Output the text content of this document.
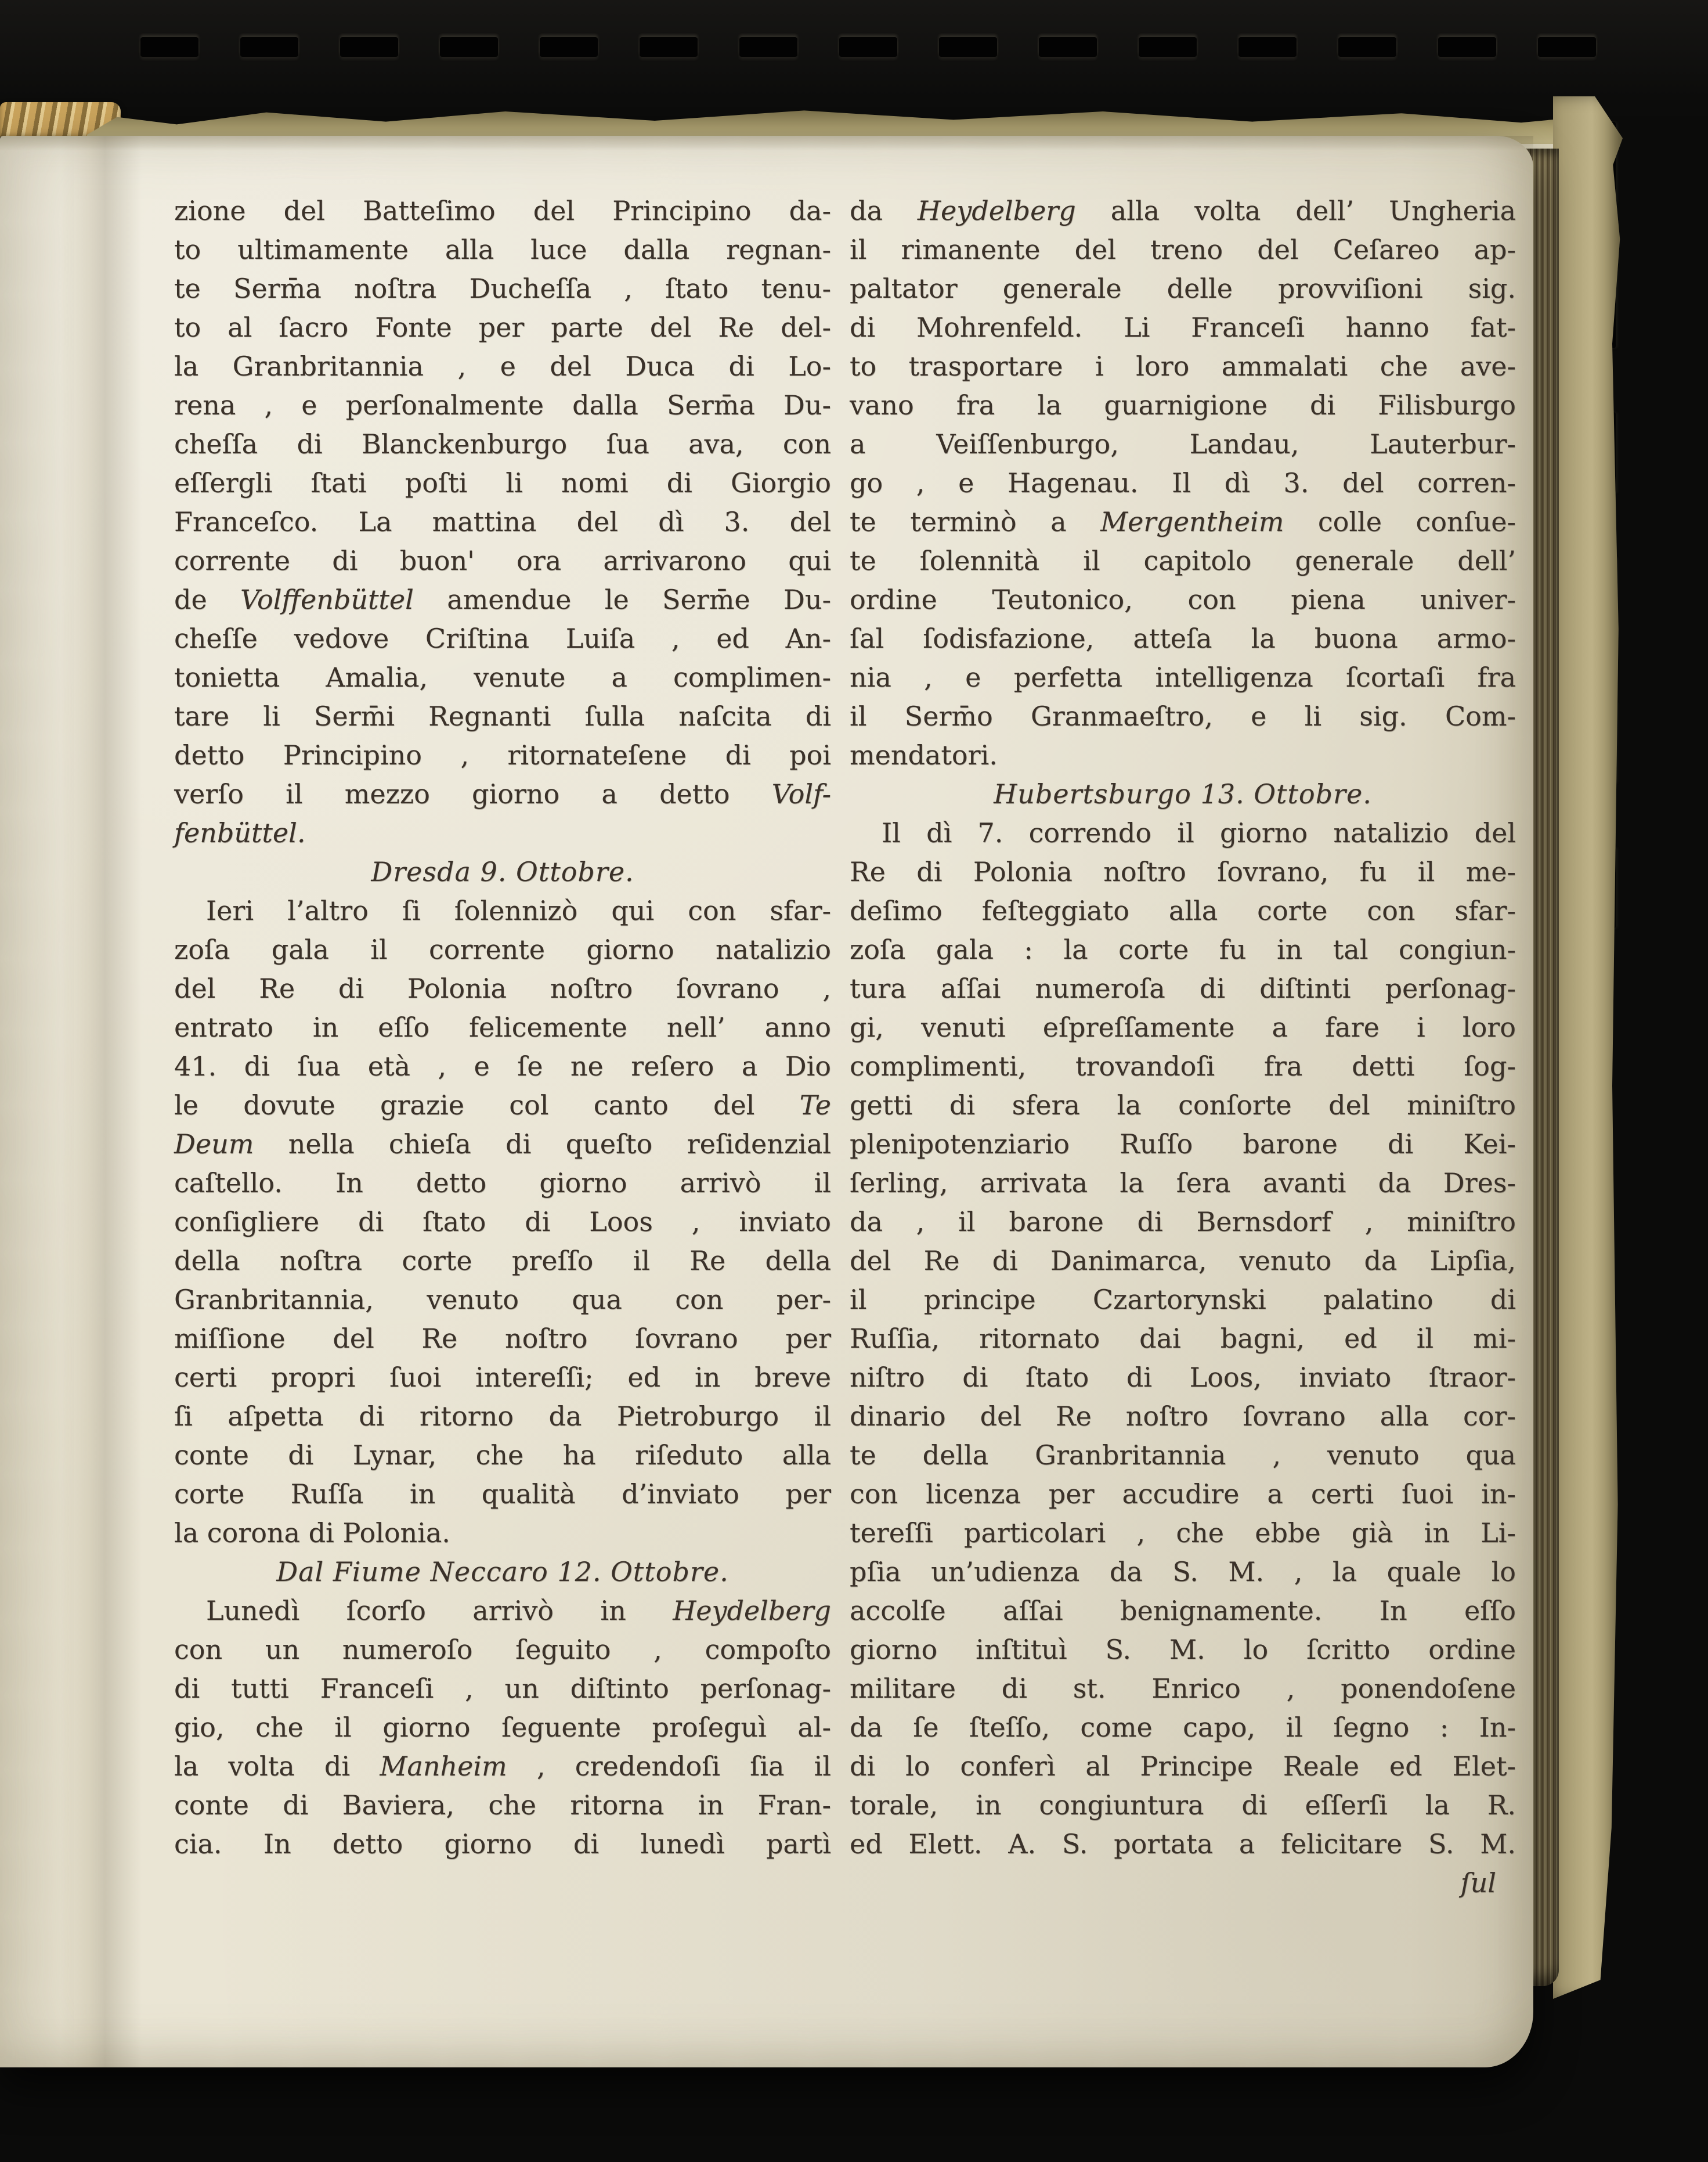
zione del Batteſimo del Principino da-
to ultimamente alla luce dalla regnan-
te Serm̄a noſtra Ducheſſa , ſtato tenu-
to al ſacro Fonte per parte del Re del-
la Granbritannia , e del Duca di Lo-
rena , e perſonalmente dalla Serm̄a Du-
cheſſa di Blanckenburgo ſua ava, con
eſſergli ſtati poſti li nomi di Giorgio
Franceſco. La mattina del dì 3. del
corrente di buon' ora arrivarono qui
de Volffenbüttel amendue le Serm̄e Du-
cheſſe vedove Criſtina Luiſa , ed An-
tonietta Amalia, venute a complimen-
tare li Serm̄i Regnanti ſulla naſcita di
detto Principino , ritornateſene di poi
verſo il mezzo giorno a detto Volf-
fenbüttel.
Dresda 9. Ottobre.
Ieri l’altro ſi ſolennizò qui con sfar-
zoſa gala il corrente giorno natalizio
del Re di Polonia noſtro ſovrano ,
entrato in eſſo felicemente nell’ anno
41. di ſua età , e ſe ne reſero a Dio
le dovute grazie col canto del Te
Deum nella chieſa di queſto reſidenzial
caſtello. In detto giorno arrivò il
conſigliere di ſtato di Loos , inviato
della noſtra corte preſſo il Re della
Granbritannia, venuto qua con per-
miſſione del Re noſtro ſovrano per
certi propri ſuoi intereſſi; ed in breve
ſi aſpetta di ritorno da Pietroburgo il
conte di Lynar, che ha riſeduto alla
corte Ruſſa in qualità d’inviato per
la corona di Polonia.
Dal Fiume Neccaro 12. Ottobre.
Lunedì ſcorſo arrivò in Heydelberg
con un numeroſo ſeguito , compoſto
di tutti Franceſi , un diſtinto perſonag-
gio, che il giorno ſeguente proſeguì al-
la volta di Manheim , credendoſi ſia il
conte di Baviera, che ritorna in Fran-
cia. In detto giorno di lunedì partì
da Heydelberg alla volta dell’ Ungheria
il rimanente del treno del Ceſareo ap-
paltator generale delle provviſioni sig.
di Mohrenfeld. Li Franceſi hanno fat-
to trasportare i loro ammalati che ave-
vano fra la guarnigione di Filisburgo
a Veiſſenburgo, Landau, Lauterbur-
go , e Hagenau. Il dì 3. del corren-
te terminò a Mergentheim colle conſue-
te ſolennità il capitolo generale dell’
ordine Teutonico, con piena univer-
ſal ſodisfazione, atteſa la buona armo-
nia , e perfetta intelligenza ſcortaſi fra
il Serm̄o Granmaeſtro, e li sig. Com-
mendatori.
Hubertsburgo 13. Ottobre.
Il dì 7. correndo il giorno natalizio del
Re di Polonia noſtro ſovrano, fu il me-
deſimo feſteggiato alla corte con sfar-
zoſa gala : la corte fu in tal congiun-
tura aſſai numeroſa di diſtinti perſonag-
gi, venuti eſpreſſamente a fare i loro
complimenti, trovandoſi fra detti ſog-
getti di sfera la conſorte del miniſtro
plenipotenziario Ruſſo barone di Kei-
ſerling, arrivata la ſera avanti da Dres-
da , il barone di Bernsdorf , miniſtro
del Re di Danimarca, venuto da Lipſia,
il principe Czartorynski palatino di
Ruſſia, ritornato dai bagni, ed il mi-
niſtro di ſtato di Loos, inviato ſtraor-
dinario del Re noſtro ſovrano alla cor-
te della Granbritannia , venuto qua
con licenza per accudire a certi ſuoi in-
tereſſi particolari , che ebbe già in Li-
pſia un’udienza da S. M. , la quale lo
accolſe aſſai benignamente. In eſſo
giorno inſtituì S. M. lo ſcritto ordine
militare di st. Enrico , ponendoſene
da ſe ſteſſo, come capo, il ſegno : In-
di lo conferì al Principe Reale ed Elet-
torale, in congiuntura di eſſerſi la R.
ed Elett. A. S. portata a felicitare S. M.
ſul
